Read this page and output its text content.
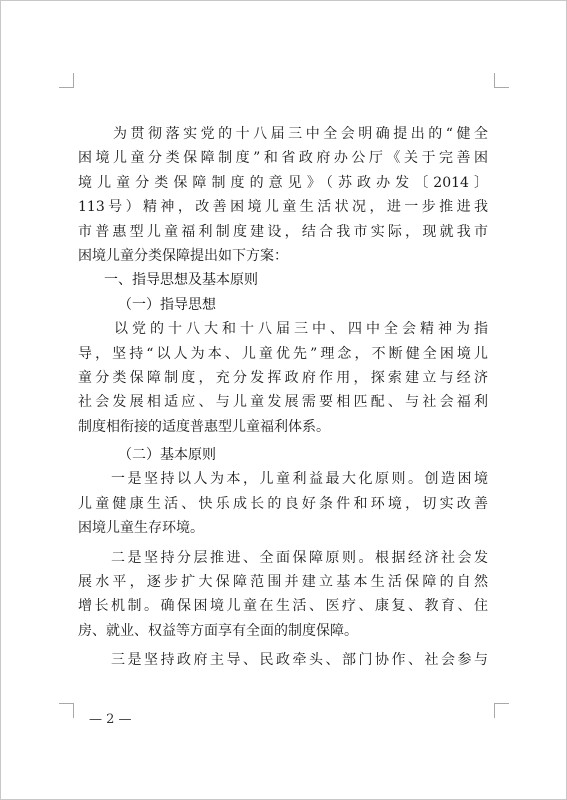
　　为贯彻落实党的十八届三中全会明确提出的“健全
困境儿童分类保障制度”和省政府办公厅《关于完善困
境儿童分类保障制度的意见》（苏政办发〔2014〕
113号）精神，改善困境儿童生活状况，进一步推进我
市普惠型儿童福利制度建设，结合我市实际，现就我市
困境儿童分类保障提出如下方案：
一、指导思想及基本原则
（一）指导思想
　　以党的十八大和十八届三中、四中全会精神为指
导，坚持“以人为本、儿童优先”理念，不断健全困境儿
童分类保障制度，充分发挥政府作用，探索建立与经济
社会发展相适应、与儿童发展需要相匹配、与社会福利
制度相衔接的适度普惠型儿童福利体系。
（二）基本原则
　　一是坚持以人为本，儿童利益最大化原则。创造困境
儿童健康生活、快乐成长的良好条件和环境，切实改善
困境儿童生存环境。
　　二是坚持分层推进、全面保障原则。根据经济社会发
展水平，逐步扩大保障范围并建立基本生活保障的自然
增长机制。确保困境儿童在生活、医疗、康复、教育、住
房、就业、权益等方面享有全面的制度保障。
　　三是坚持政府主导、民政牵头、部门协作、社会参与
— 2 —
